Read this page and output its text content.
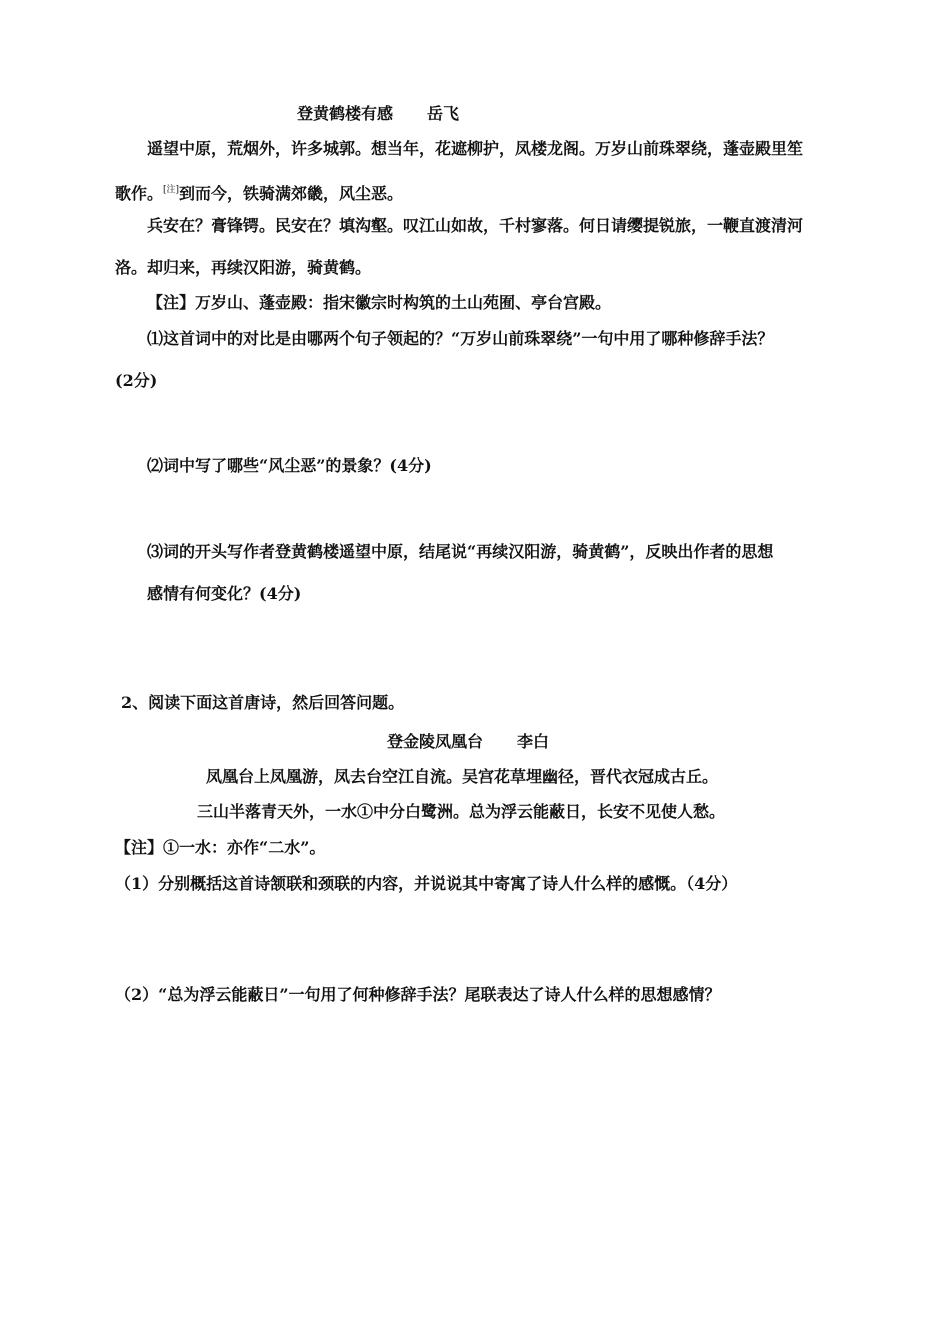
登黄鹤楼有感 岳飞
遥望中原，荒烟外，许多城郭。想当年，花遮柳护，凤楼龙阁。万岁山前珠翠绕，蓬壶殿里笙
歌作。[注]到而今，铁骑满郊畿，风尘恶。
兵安在？膏锋锷。民安在？填沟壑。叹江山如故，千村寥落。何日请缨提锐旅，一鞭直渡清河
洛。却归来，再续汉阳游，骑黄鹤。
【注】万岁山、蓬壶殿：指宋徽宗时构筑的土山苑囿、亭台宫殿。
⑴这首词中的对比是由哪两个句子领起的？“万岁山前珠翠绕”一句中用了哪种修辞手法？
(2分)
⑵词中写了哪些“风尘恶”的景象？(4分)
⑶词的开头写作者登黄鹤楼遥望中原，结尾说“再续汉阳游，骑黄鹤”，反映出作者的思想
感情有何变化？(4分)
2、阅读下面这首唐诗，然后回答问题。
登金陵凤凰台 李白
凤凰台上凤凰游，凤去台空江自流。吴宫花草埋幽径，晋代衣冠成古丘。
三山半落青天外，一水①中分白鹭洲。总为浮云能蔽日，长安不见使人愁。
【注】①一水：亦作“二水”。
（1）分别概括这首诗颔联和颈联的内容，并说说其中寄寓了诗人什么样的感慨。（4分）
（2）“总为浮云能蔽日”一句用了何种修辞手法？尾联表达了诗人什么样的思想感情？
